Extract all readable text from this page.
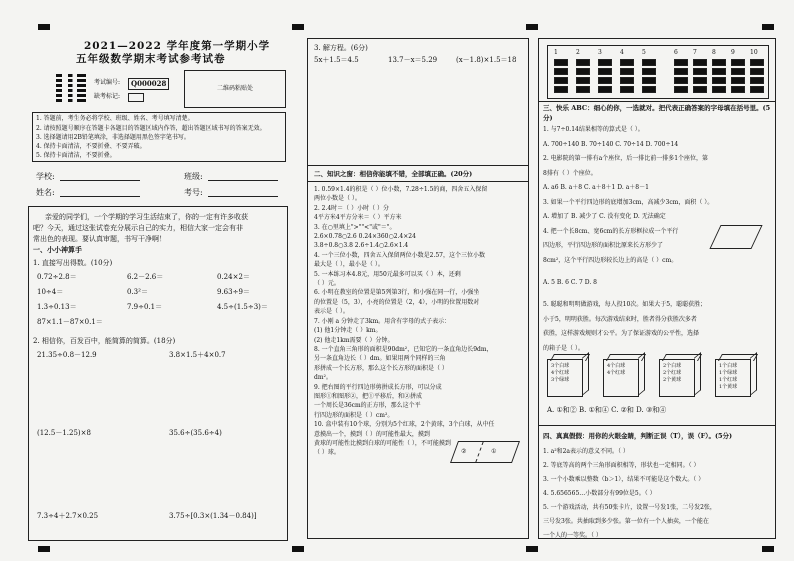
2021—2022 学年度第一学期小学
五年级数学期末考试参考试卷
考试编号:	Q000028
缺考标记:
二维码粘贴处
1. 答题前，考生务必将学校、班级、姓名、考号填写清楚。
2. 请按照题号顺序在答题卡各题目的答题区域内作答，超出答题区域书写的答案无效。
3. 选择题请用2B铅笔填涂，非选择题用黑色签字笔书写。
4. 保持卡面清洁，不要折叠、不要弄破。
5. 保持卡面清洁，不要折叠。
学校:	班级:
姓名:	考号:
亲爱的同学们，一个学期的学习生活结束了，你的一定有许多收获
吧？今天，通过这张试卷充分展示自己的实力，相信大家一定会有非
常出色的表现。要认真审题，书写干净啊！
一、小小神算手
1. 直接写出得数。(10分)
0.72÷2.8＝	6.2－2.6＝	0.24×2＝
10÷4＝	0.3²＝	9.63÷9＝
1.3÷0.13＝	7.9÷0.1＝	4.5÷(1.5÷3)＝
87×1.1－87×0.1＝
2. 相信你，百发百中，能简算的简算。(18分)
21.35÷0.8－12.9	3.8×1.5＋4×0.7
(12.5－1.25)×8	35.6÷(35.6÷4)
7.3÷4＋2.7×0.25	3.75÷[0.3×(1.34－0.84)]
3. 解方程。(6分)
5x＋1.5＝4.5	13.7－x＝5.29	(x－1.8)×1.5＝18
二、知识之窗：相信你能填不错，全部填正确。(20分)
1. 0.59×1.4的积是（ ）位小数，7.28÷1.5的商，四舍五入保留
两位小数是（ ）。
2. 2.4时＝（ ）小时（ ）分
4平方米4平方分米＝（ ）平方米
3. 在○里填上">""<"或"＝"。
2.6×0.78○2.6 0.24×360○2.4×24
3.8÷0.8○3.8 2.6÷1.4○2.6×1.4
4. 一个三位小数，四舍五入保留两位小数是2.57，这个三位小数
最大是（ ），最小是（ ）。
5. 一本练习本4.8元，用50元最多可以买（ ）本，还剩
（ ）元。
6. 小明在教室的位置是第5列第3行，和小强在同一行，小强坐
的位置是（5，3），小亮的位置是（2，4），小明的位置用数对
表示是（ ）。
7. 小刚 a 分钟走了3km。用含有字母的式子表示：
(1) 他1分钟走（ ）km。
(2) 他走1km需要（ ）分钟。
8. 一个直角三角形的面积是90dm²，已知它的一条直角边长9dm，
另一条直角边长（ ）dm。如果用两个同样的三角
形拼成一个长方形，那么这个长方形的面积是（ ）
dm²。
9. 把右图的平行四边形剪拼成长方形，可以分成
图形①和图形②，把①平移后，和②拼成
一个周长是36cm的正方形，那么这个平
行四边形的面积是（ ）cm²。
10. 盒中装有10个球，分别为5个红球，2个黄球，3个白球，从中任
意摸出一个，摸到（ ）的可能性最大，摸到
黄球的可能性比摸到白球的可能性（ ），不可能摸到
（ ）球。	②	①
1	2	3	4	5	6	7	8	9	10
三、快乐 ABC：细心的你，一选就对。把代表正确答案的字母填在括号里。(5分)
1. 与7÷0.14结果相等的算式是（ ）。
A. 700÷140 B. 70÷140 C. 70÷14 D. 700÷14
2. 电影院的第一排有a个座位，后一排比前一排多1个座位，第
8排有（ ）个座位。
A. a6 B. a＋8 C. a＋8＋1 D. a＋8－1
3. 如果一个平行四边形的底增加3cm，高减少3cm，面积（ ）。
A. 增加了 B. 减少了 C. 没有变化 D. 无法确定
4. 把一个长8cm、宽6cm的长方形框拉成一个平行
四边形，平行四边形的面积比原来长方形少了
8cm²，这个平行四边形较长边上的高是（ ）cm。
A. 5 B. 6 C. 7 D. 8
5. 聪聪和明明做游戏，每人投10次。如果大于5，聪聪获胜；
小于5，明明获胜。每次游戏结束时，胜者得分获胜次多者
获胜，这样游戏规则才公平。为了保证游戏的公平性，选择
的箱子是（ ）。
3个白球
4个红球
3个绿球
4个白球
4个红球
2个白球
2个红球
2个黄球
1个白球
1个绿球
1个红球
1个黄球
A. ①和② B. ①和④ C. ②和 D. ③和④
四、真真假假：用你的火眼金睛，判断正误（T），误（F）。(5分)
1. a²和2a表示的意义不同。（ ）
2. 等底等高的两个三角形面积相等，形状也一定相同。（ ）
3. 一个小数乘以整数（b＞1），结果不可能是这个数大。（ ）
4. 5.656565…小数部分有99位是5。（ ）
5. 一个游戏活动，共有50张卡片，设置一号发1张，二号发2张，
三号发3张。共抽取到多少张。第一位有一个人抽卖，一个能在
一个人的一等奖。（ ）
